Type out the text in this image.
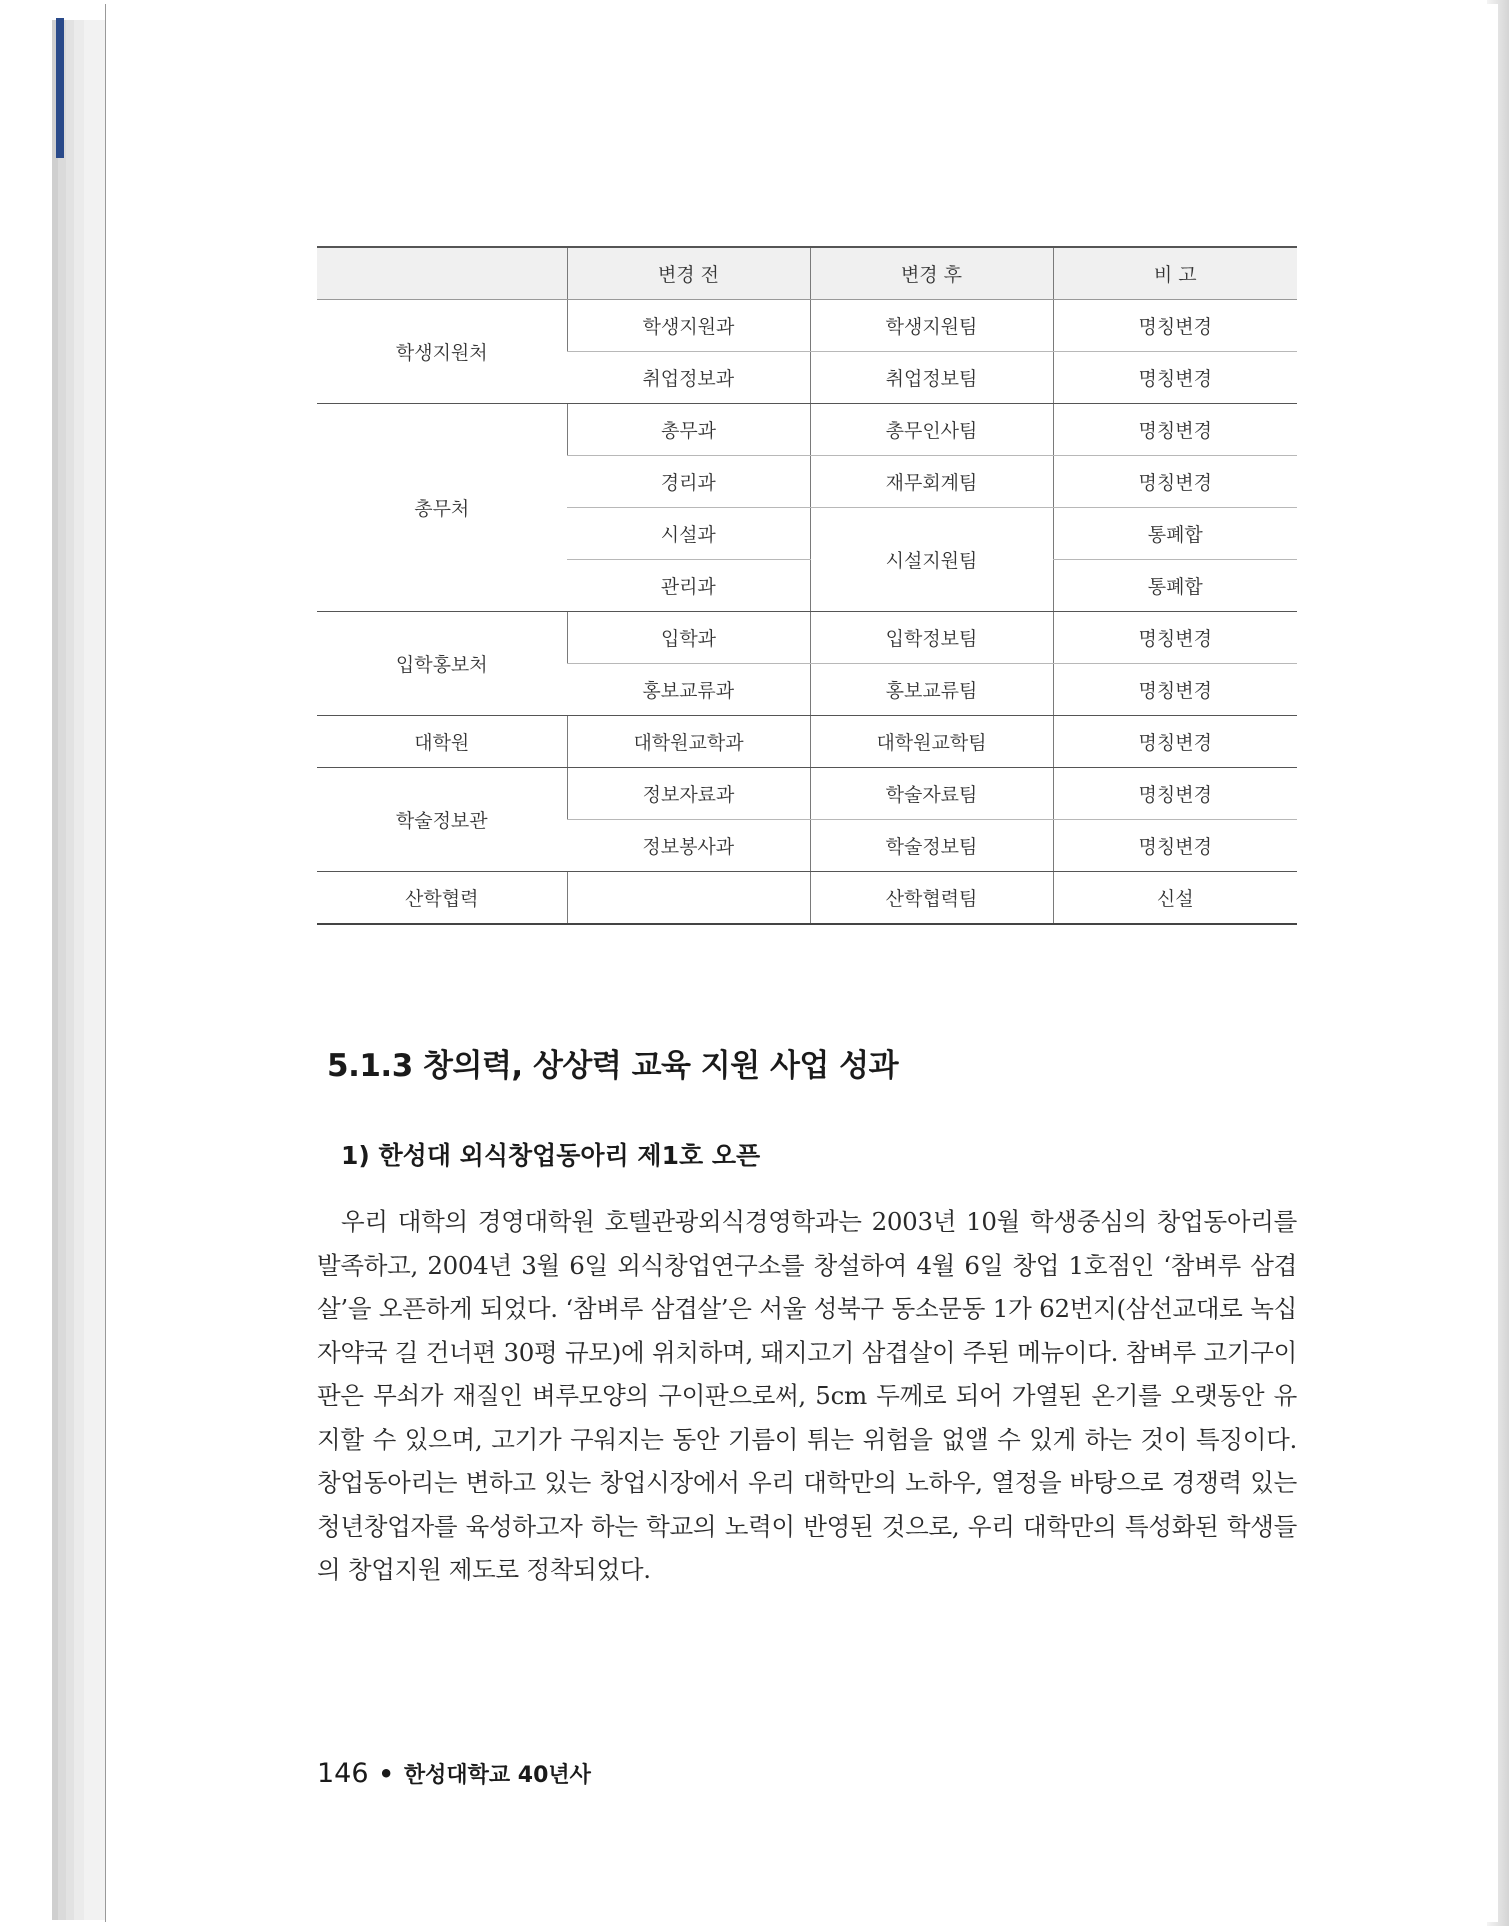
	변경 전	변경 후	비 고
학생지원처	학생지원과	학생지원팀	명칭변경
	취업정보과	취업정보팀	명칭변경
총무처	총무과	총무인사팀	명칭변경
	경리과	재무회계팀	명칭변경
	시설과	시설지원팀	통폐합
	관리과		통폐합
입학홍보처	입학과	입학정보팀	명칭변경
	홍보교류과	홍보교류팀	명칭변경
대학원	대학원교학과	대학원교학팀	명칭변경
학술정보관	정보자료과	학술자료팀	명칭변경
	정보봉사과	학술정보팀	명칭변경
산학협력		산학협력팀	신설
5.1.3 창의력, 상상력 교육 지원 사업 성과
1) 한성대 외식창업동아리 제1호 오픈

우리 대학의 경영대학원 호텔관광외식경영학과는 2003년 10월 학생중심의 창업동아리를 발족하고, 2004년 3월 6일 외식창업연구소를 창설하여 4월 6일 창업 1호점인 ‘참벼루 삼겹살’을 오픈하게 되었다. ‘참벼루 삼겹살’은 서울 성북구 동소문동 1가 62번지(삼선교대로 녹십자약국 길 건너편 30평 규모)에 위치하며, 돼지고기 삼겹살이 주된 메뉴이다. 참벼루 고기구이판은 무쇠가 재질인 벼루모양의 구이판으로써, 5cm 두께로 되어 가열된 온기를 오랫동안 유지할 수 있으며, 고기가 구워지는 동안 기름이 튀는 위험을 없앨 수 있게 하는 것이 특징이다. 창업동아리는 변하고 있는 창업시장에서 우리 대학만의 노하우, 열정을 바탕으로 경쟁력 있는 청년창업자를 육성하고자 하는 학교의 노력이 반영된 것으로, 우리 대학만의 특성화된 학생들의 창업지원 제도로 정착되었다.

146 • 한성대학교 40년사
